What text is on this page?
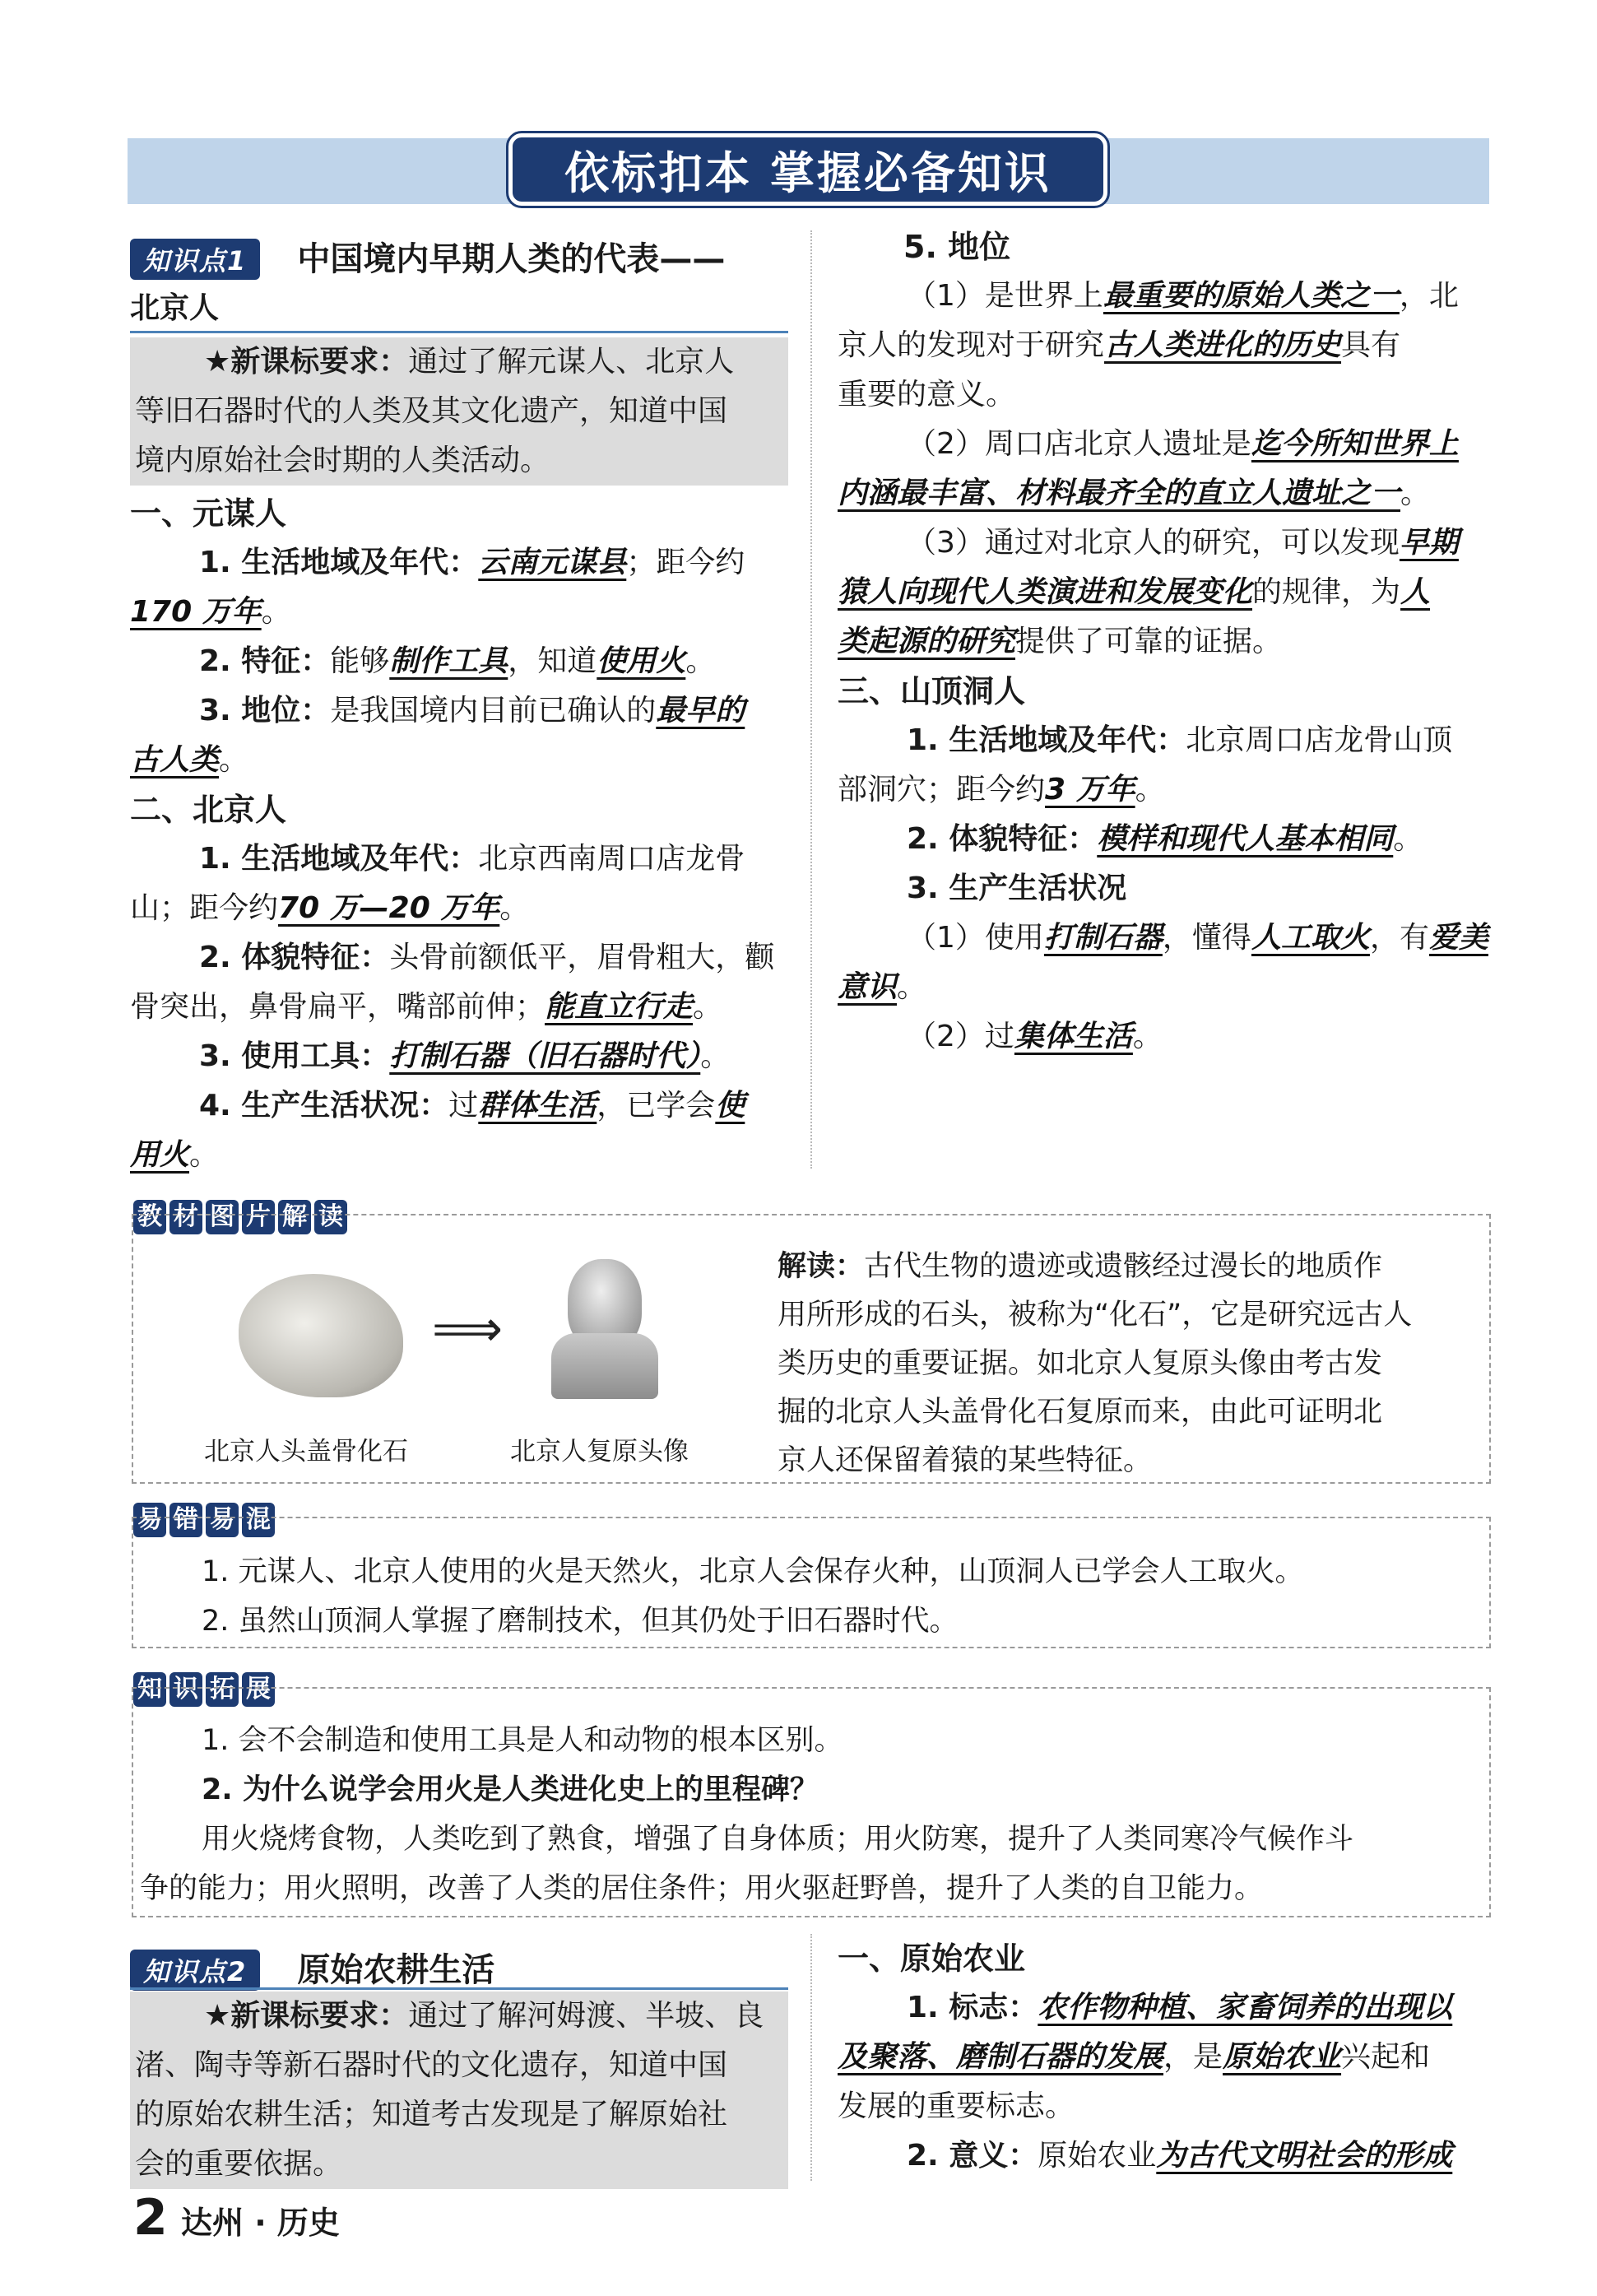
依标扣本 掌握必备知识
知识点1 中国境内早期人类的代表——
北京人
★新课标要求：通过了解元谋人、北京人
等旧石器时代的人类及其文化遗产，知道中国
境内原始社会时期的人类活动。
一、元谋人
1. 生活地域及年代：云南元谋县；距今约
170 万年。
2. 特征：能够制作工具，知道使用火。
3. 地位：是我国境内目前已确认的最早的
古人类。
二、北京人
1. 生活地域及年代：北京西南周口店龙骨
山；距今约70 万—20 万年。
2. 体貌特征：头骨前额低平，眉骨粗大，颧
骨突出，鼻骨扁平，嘴部前伸；能直立行走。
3. 使用工具：打制石器（旧石器时代）。
4. 生产生活状况：过群体生活，已学会使
用火。
5. 地位
（1）是世界上最重要的原始人类之一，北
京人的发现对于研究古人类进化的历史具有
重要的意义。
（2）周口店北京人遗址是迄今所知世界上
内涵最丰富、材料最齐全的直立人遗址之一。
（3）通过对北京人的研究，可以发现早期
猿人向现代人类演进和发展变化的规律，为人
类起源的研究提供了可靠的证据。
三、山顶洞人
1. 生活地域及年代：北京周口店龙骨山顶
部洞穴；距今约3 万年。
2. 体貌特征：模样和现代人基本相同。
3. 生产生活状况
（1）使用打制石器，懂得人工取火，有爱美
意识。
（2）过集体生活。
教 材 图 片 解 读
⟹
北京人头盖骨化石	北京人复原头像
解读：古代生物的遗迹或遗骸经过漫长的地质作
用所形成的石头，被称为“化石”，它是研究远古人
类历史的重要证据。如北京人复原头像由考古发
掘的北京人头盖骨化石复原而来，由此可证明北
京人还保留着猿的某些特征。
易 错 易 混
1. 元谋人、北京人使用的火是天然火，北京人会保存火种，山顶洞人已学会人工取火。
2. 虽然山顶洞人掌握了磨制技术，但其仍处于旧石器时代。
知 识 拓 展
1. 会不会制造和使用工具是人和动物的根本区别。
2. 为什么说学会用火是人类进化史上的里程碑？
用火烧烤食物，人类吃到了熟食，增强了自身体质；用火防寒，提升了人类同寒冷气候作斗
争的能力；用火照明，改善了人类的居住条件；用火驱赶野兽，提升了人类的自卫能力。
知识点2 原始农耕生活
★新课标要求：通过了解河姆渡、半坡、良
渚、陶寺等新石器时代的文化遗存，知道中国
的原始农耕生活；知道考古发现是了解原始社
会的重要依据。
一、原始农业
1. 标志：农作物种植、家畜饲养的出现以
及聚落、磨制石器的发展，是原始农业兴起和
发展的重要标志。
2. 意义：原始农业为古代文明社会的形成
2 达州 · 历史
